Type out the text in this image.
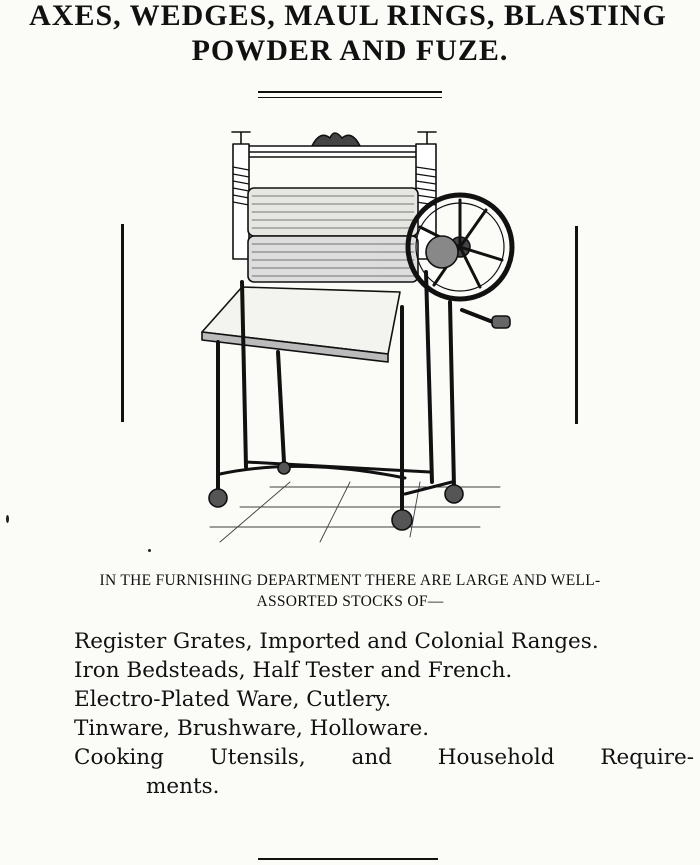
AXES, WEDGES, MAUL RINGS, BLASTING
POWDER AND FUZE.
IN THE FURNISHING DEPARTMENT THERE ARE LARGE AND WELL-
ASSORTED STOCKS OF—
Register Grates, Imported and Colonial Ranges.
Iron Bedsteads, Half Tester and French.
Electro-Plated Ware, Cutlery.
Tinware, Brushware, Holloware.
Cooking Utensils, and Household Require-
ments.
